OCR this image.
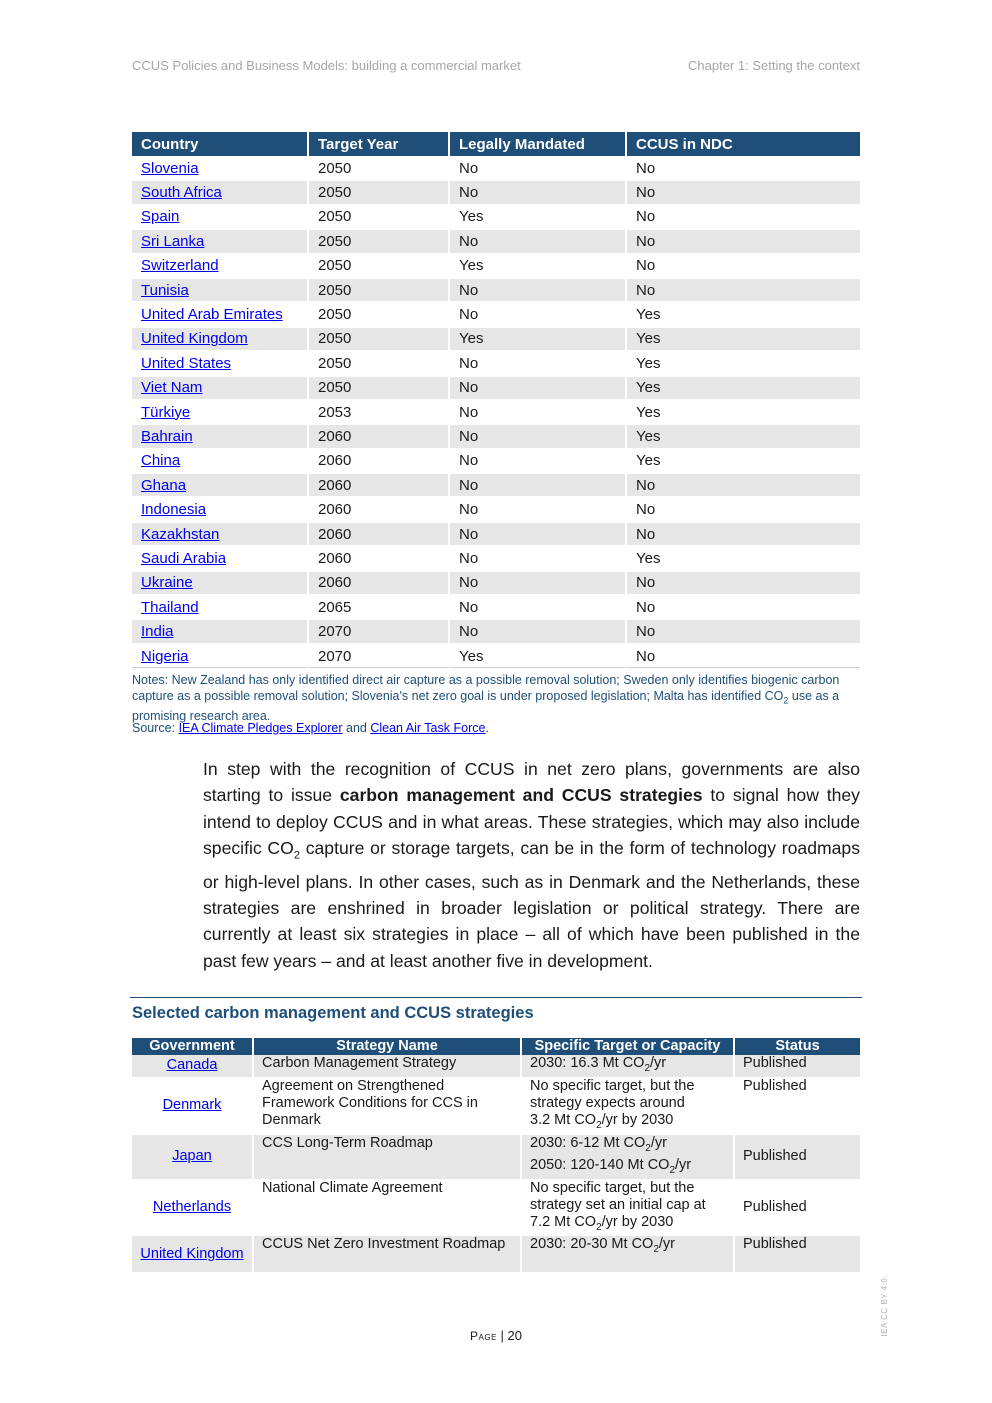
CCUS Policies and Business Models: building a commercial market	Chapter 1: Setting the context
Country	Target Year	Legally Mandated	CCUS in NDC
Slovenia	2050	No	No
South Africa	2050	No	No
Spain	2050	Yes	No
Sri Lanka	2050	No	No
Switzerland	2050	Yes	No
Tunisia	2050	No	No
United Arab Emirates	2050	No	Yes
United Kingdom	2050	Yes	Yes
United States	2050	No	Yes
Viet Nam	2050	No	Yes
Türkiye	2053	No	Yes
Bahrain	2060	No	Yes
China	2060	No	Yes
Ghana	2060	No	No
Indonesia	2060	No	No
Kazakhstan	2060	No	No
Saudi Arabia	2060	No	Yes
Ukraine	2060	No	No
Thailand	2065	No	No
India	2070	No	No
Nigeria	2070	Yes	No
Notes: New Zealand has only identified direct air capture as a possible removal solution; Sweden only identifies biogenic carbon capture as a possible removal solution; Slovenia's net zero goal is under proposed legislation; Malta has identified $CO_2$ use as a promising research area.
Source: IEA Climate Pledges Explorer and Clean Air Task Force.
In step with the recognition of CCUS in net zero plans, governments are also starting to issue carbon management and CCUS strategies to signal how they intend to deploy CCUS and in what areas. These strategies, which may also include specific $CO_2$ capture or storage targets, can be in the form of technology roadmaps or high-level plans. In other cases, such as in Denmark and the Netherlands, these strategies are enshrined in broader legislation or political strategy. There are currently at least six strategies in place – all of which have been published in the past few years – and at least another five in development.
Selected carbon management and CCUS strategies
Government	Strategy Name	Specific Target or Capacity	Status
Canada	Carbon Management Strategy	2030: 16.3 Mt $CO_2/yr$	Published
Denmark	Agreement on Strengthened Framework Conditions for CCS in Denmark	No specific target, but the
strategy expects around
3.2 Mt $CO_2/yr$ by 2030	Published
Japan	CCS Long-Term Roadmap	2030: 6-12 Mt $CO_2/yr$
2050: 120-140 Mt $CO_2/yr$	Published
Netherlands	National Climate Agreement	No specific target, but the
strategy set an initial cap at
7.2 Mt $CO_2/yr$ by 2030	Published
United Kingdom	CCUS Net Zero Investment Roadmap	2030: 20-30 Mt $CO_2/yr$	Published
Page | 20	IEA CC BY 4.0.
